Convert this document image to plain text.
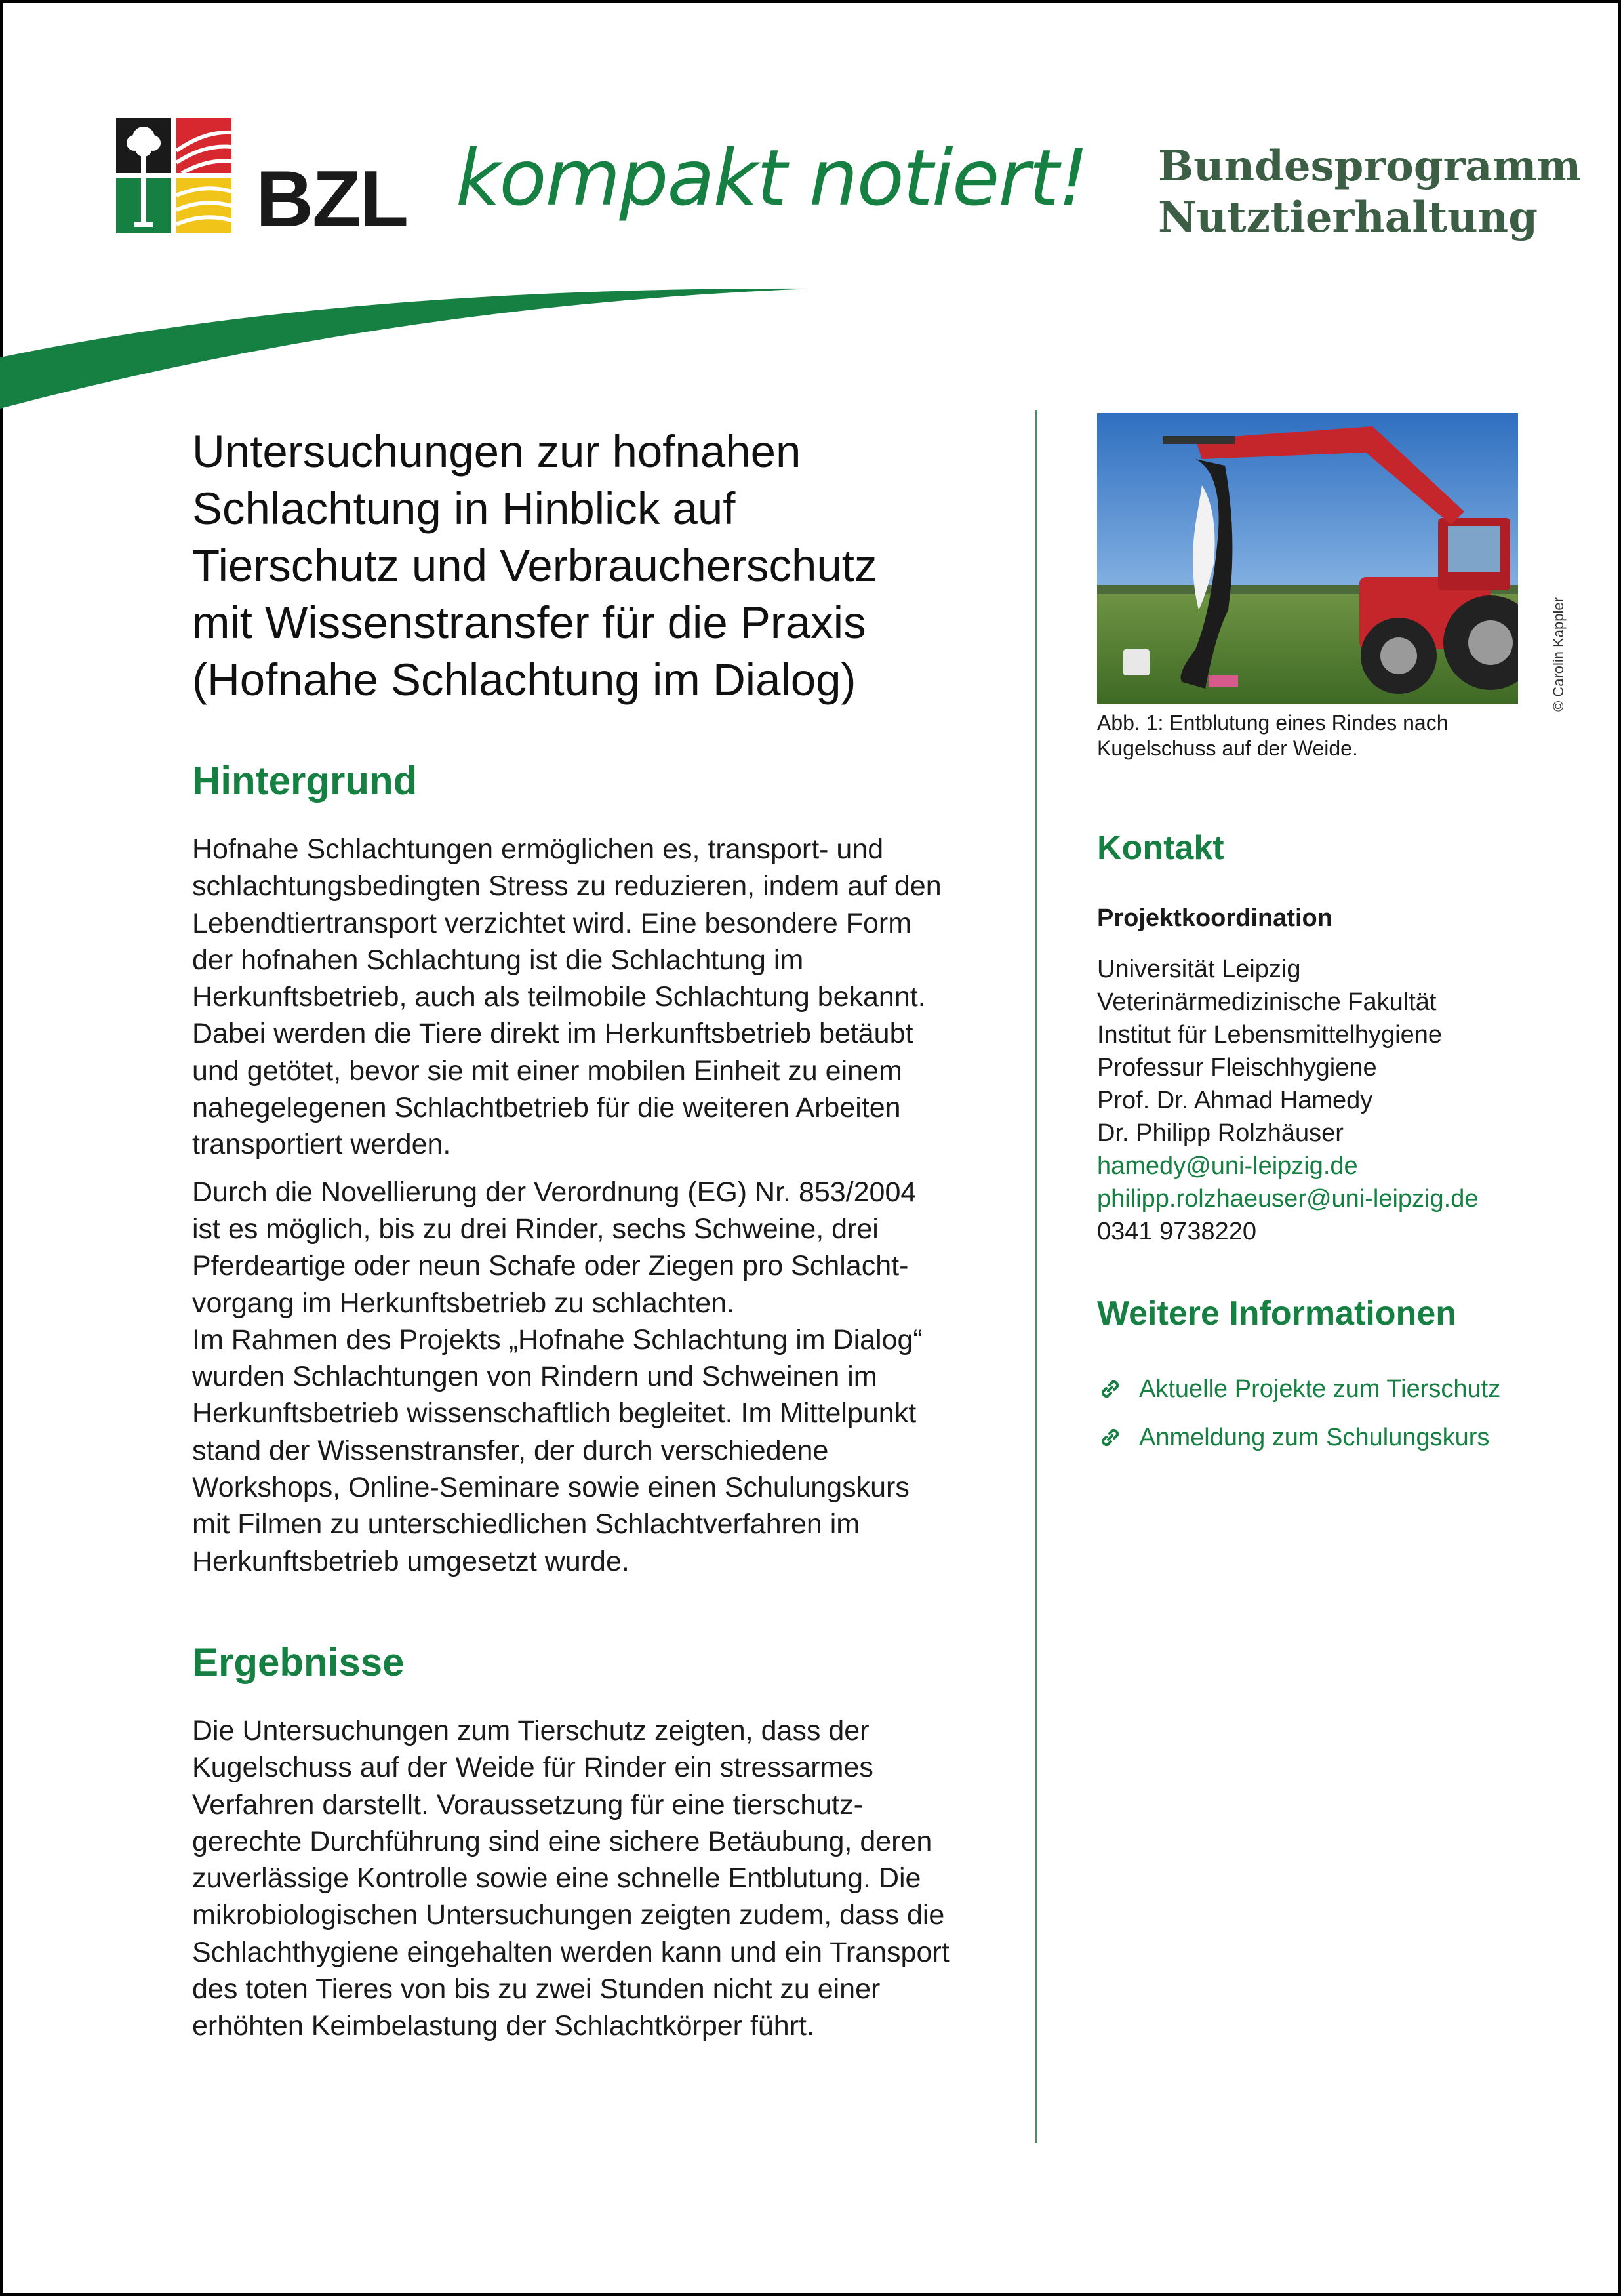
BZL kompakt notiert! Bundesprogramm
Nutztierhaltung
Untersuchungen zur hofnahen
Schlachtung in Hinblick auf
Tierschutz und Verbraucherschutz
mit Wissenstransfer für die Praxis
(Hofnahe Schlachtung im Dialog)
Hintergrund

Hofnahe Schlachtungen ermöglichen es, transport- und
schlachtungsbedingten Stress zu reduzieren, indem auf den
Lebendtiertransport verzichtet wird. Eine besondere Form
der hofnahen Schlachtung ist die Schlachtung im
Herkunftsbetrieb, auch als teilmobile Schlachtung bekannt.
Dabei werden die Tiere direkt im Herkunftsbetrieb betäubt
und getötet, bevor sie mit einer mobilen Einheit zu einem
nahegelegenen Schlachtbetrieb für die weiteren Arbeiten
transportiert werden.

Durch die Novellierung der Verordnung (EG) Nr. 853/2004
ist es möglich, bis zu drei Rinder, sechs Schweine, drei
Pferdeartige oder neun Schafe oder Ziegen pro Schlacht-
vorgang im Herkunftsbetrieb zu schlachten.
Im Rahmen des Projekts „Hofnahe Schlachtung im Dialog“
wurden Schlachtungen von Rindern und Schweinen im
Herkunftsbetrieb wissenschaftlich begleitet. Im Mittelpunkt
stand der Wissenstransfer, der durch verschiedene
Workshops, Online-Seminare sowie einen Schulungskurs
mit Filmen zu unterschiedlichen Schlachtverfahren im
Herkunftsbetrieb umgesetzt wurde.

Ergebnisse

Die Untersuchungen zum Tierschutz zeigten, dass der
Kugelschuss auf der Weide für Rinder ein stressarmes
Verfahren darstellt. Voraussetzung für eine tierschutz-
gerechte Durchführung sind eine sichere Betäubung, deren
zuverlässige Kontrolle sowie eine schnelle Entblutung. Die
mikrobiologischen Untersuchungen zeigten zudem, dass die
Schlachthygiene eingehalten werden kann und ein Transport
des toten Tieres von bis zu zwei Stunden nicht zu einer
erhöhten Keimbelastung der Schlachtkörper führt.

Abb. 1: Entblutung eines Rindes nach
Kugelschuss auf der Weide.

Kontakt

Projektkoordination

Universität Leipzig
Veterinärmedizinische Fakultät
Institut für Lebensmittelhygiene
Professur Fleischhygiene
Prof. Dr. Ahmad Hamedy
Dr. Philipp Rolzhäuser
hamedy@uni-leipzig.de
philipp.rolzhaeuser@uni-leipzig.de
0341 9738220
Weitere Informationen
Aktuelle Projekte zum Tierschutz
Anmeldung zum Schulungskurs
© Carolin Kappler
